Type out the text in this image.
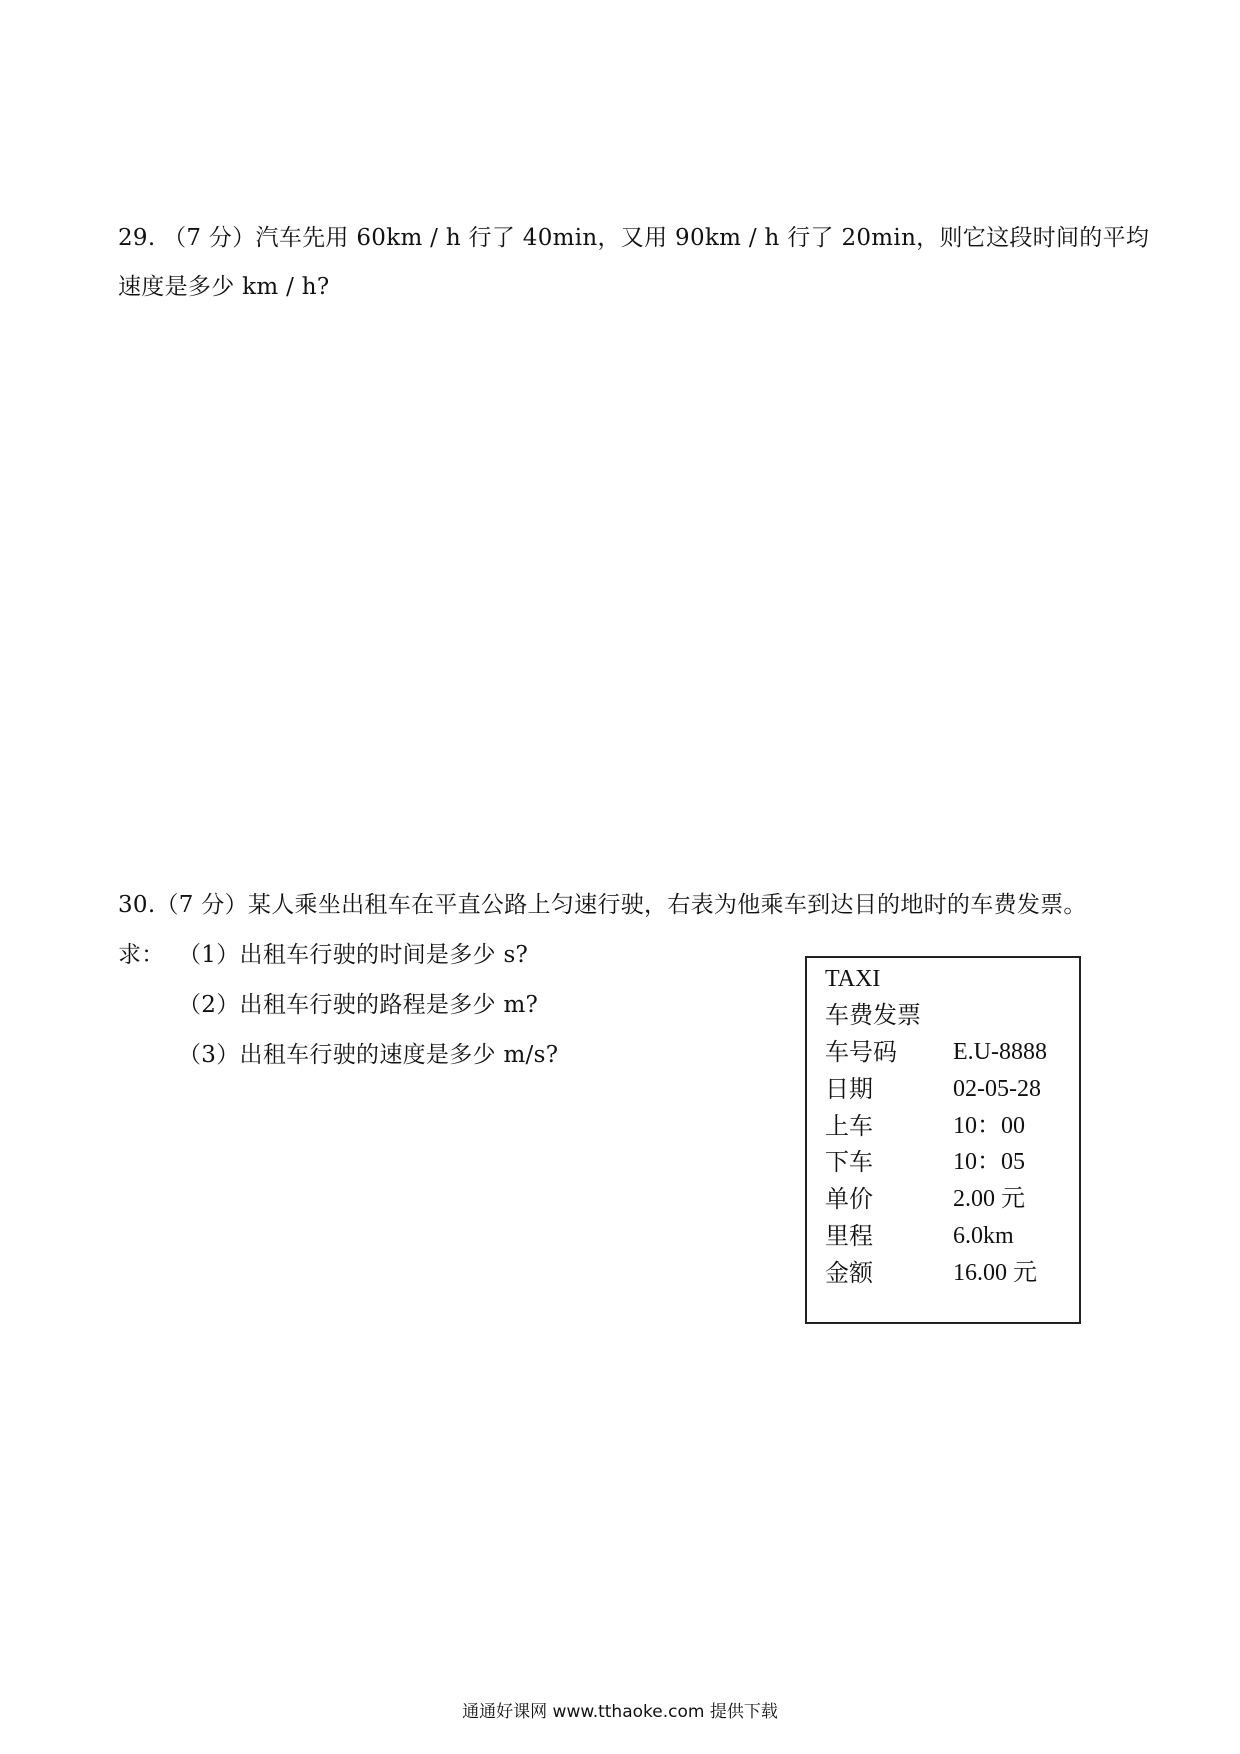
29. （7 分）汽车先用 60km / h 行了 40min，又用 90km / h 行了 20min，则它这段时间的平均
速度是多少 km / h?
30.（7 分）某人乘坐出租车在平直公路上匀速行驶，右表为他乘车到达目的地时的车费发票。
求： （1）出租车行驶的时间是多少 s?
（2）出租车行驶的路程是多少 m?
（3）出租车行驶的速度是多少 m/s?
TAXI
车费发票
车号码 E.U-8888
日期	02-05-28
上车	10：00
下车	10：05
单价	2.00 元
里程	6.0km
金额	16.00 元
通通好课网 www.tthaoke.com 提供下载
